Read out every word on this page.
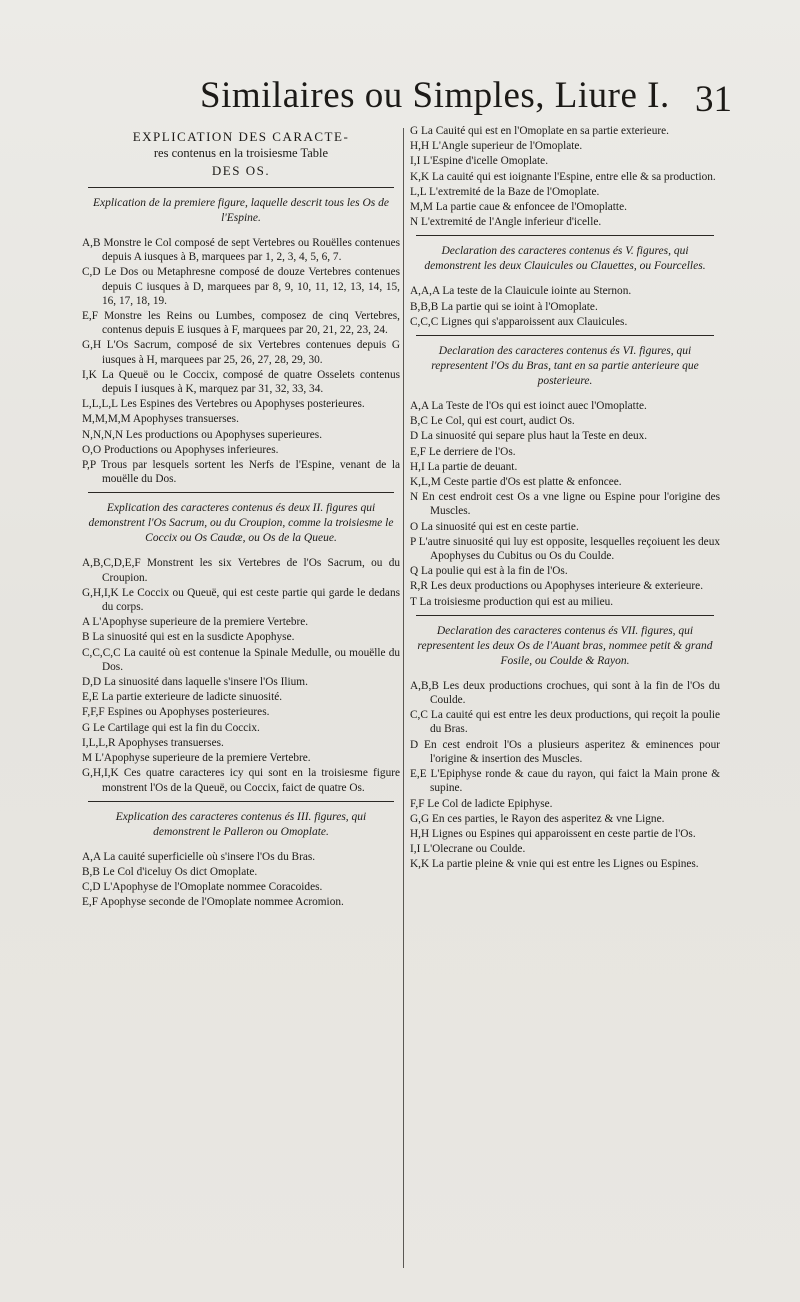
Similaires ou Simples, Liure I. 31
EXPLICATION DES CARACTE-
res contenus en la troisiesme Table
DES OS.
Explication de la premiere figure, laquelle descrit tous les Os de l'Espine.
A,B Monstre le Col composé de sept Vertebres ou Rouëlles contenues depuis A iusques à B, marquees par 1, 2, 3, 4, 5, 6, 7.
C,D Le Dos ou Metaphresne composé de douze Vertebres contenues depuis C iusques à D, marquees par 8, 9, 10, 11, 12, 13, 14, 15, 16, 17, 18, 19.
E,F Monstre les Reins ou Lumbes, composez de cinq Vertebres, contenus depuis E iusques à F, marquees par 20, 21, 22, 23, 24.
G,H L'Os Sacrum, composé de six Vertebres contenues depuis G iusques à H, marquees par 25, 26, 27, 28, 29, 30.
I,K La Queuë ou le Coccix, composé de quatre Osselets contenus depuis I iusques à K, marquez par 31, 32, 33, 34.
L,L,L,L Les Espines des Vertebres ou Apophyses posterieures.
M,M,M,M Apophyses transuerses.
N,N,N,N Les productions ou Apophyses superieures.
O,O Productions ou Apophyses inferieures.
P,P Trous par lesquels sortent les Nerfs de l'Espine, venant de la mouëlle du Dos.
Explication des caracteres contenus és deux II. figures qui demonstrent l'Os Sacrum, ou du Croupion, comme la troisiesme le Coccix ou Os Caudæ, ou Os de la Queue.
A,B,C,D,E,F Monstrent les six Vertebres de l'Os Sacrum, ou du Croupion.
G,H,I,K Le Coccix ou Queuë, qui est ceste partie qui garde le dedans du corps.
A L'Apophyse superieure de la premiere Vertebre.
B La sinuosité qui est en la susdicte Apophyse.
C,C,C,C La cauité où est contenue la Spinale Medulle, ou mouëlle du Dos.
D,D La sinuosité dans laquelle s'insere l'Os Ilium.
E,E La partie exterieure de ladicte sinuosité.
F,F,F Espines ou Apophyses posterieures.
G Le Cartilage qui est la fin du Coccix.
I,L,L,R Apophyses transuerses.
M L'Apophyse superieure de la premiere Vertebre.
G,H,I,K Ces quatre caracteres icy qui sont en la troisiesme figure monstrent l'Os de la Queuë, ou Coccix, faict de quatre Os.
Explication des caracteres contenus és III. figures, qui demonstrent le Palleron ou Omoplate.
A,A La cauité superficielle où s'insere l'Os du Bras.
B,B Le Col d'iceluy Os dict Omoplate.
C,D L'Apophyse de l'Omoplate nommee Coracoides.
E,F Apophyse seconde de l'Omoplate nommee Acromion.
G La Cauité qui est en l'Omoplate en sa partie exterieure.
H,H L'Angle superieur de l'Omoplate.
I,I L'Espine d'icelle Omoplate.
K,K La cauité qui est ioignante l'Espine, entre elle & sa production.
L,L L'extremité de la Baze de l'Omoplate.
M,M La partie caue & enfoncee de l'Omoplatte.
N L'extremité de l'Angle inferieur d'icelle.
Declaration des caracteres contenus és V. figures, qui demonstrent les deux Clauicules ou Clauettes, ou Fourcelles.
A,A,A La teste de la Clauicule iointe au Sternon.
B,B,B La partie qui se ioint à l'Omoplate.
C,C,C Lignes qui s'apparoissent aux Clauicules.
Declaration des caracteres contenus és VI. figures, qui representent l'Os du Bras, tant en sa partie anterieure que posterieure.
A,A La Teste de l'Os qui est ioinct auec l'Omoplatte.
B,C Le Col, qui est court, audict Os.
D La sinuosité qui separe plus haut la Teste en deux.
E,F Le derriere de l'Os.
H,I La partie de deuant.
K,L,M Ceste partie d'Os est platte & enfoncee.
N En cest endroit cest Os a vne ligne ou Espine pour l'origine des Muscles.
O La sinuosité qui est en ceste partie.
P L'autre sinuosité qui luy est opposite, lesquelles reçoiuent les deux Apophyses du Cubitus ou Os du Coulde.
Q La poulie qui est à la fin de l'Os.
R,R Les deux productions ou Apophyses interieure & exterieure.
T La troisiesme production qui est au milieu.
Declaration des caracteres contenus és VII. figures, qui representent les deux Os de l'Auant bras, nommee petit & grand Fosile, ou Coulde & Rayon.
A,B,B Les deux productions crochues, qui sont à la fin de l'Os du Coulde.
C,C La cauité qui est entre les deux productions, qui reçoit la poulie du Bras.
D En cest endroit l'Os a plusieurs asperitez & eminences pour l'origine & insertion des Muscles.
E,E L'Epiphyse ronde & caue du rayon, qui faict la Main prone & supine.
F,F Le Col de ladicte Epiphyse.
G,G En ces parties, le Rayon des asperitez & vne Ligne.
H,H Lignes ou Espines qui apparoissent en ceste partie de l'Os.
I,I L'Olecrane ou Coulde.
K,K La partie pleine & vnie qui est entre les Lignes ou Espines.
